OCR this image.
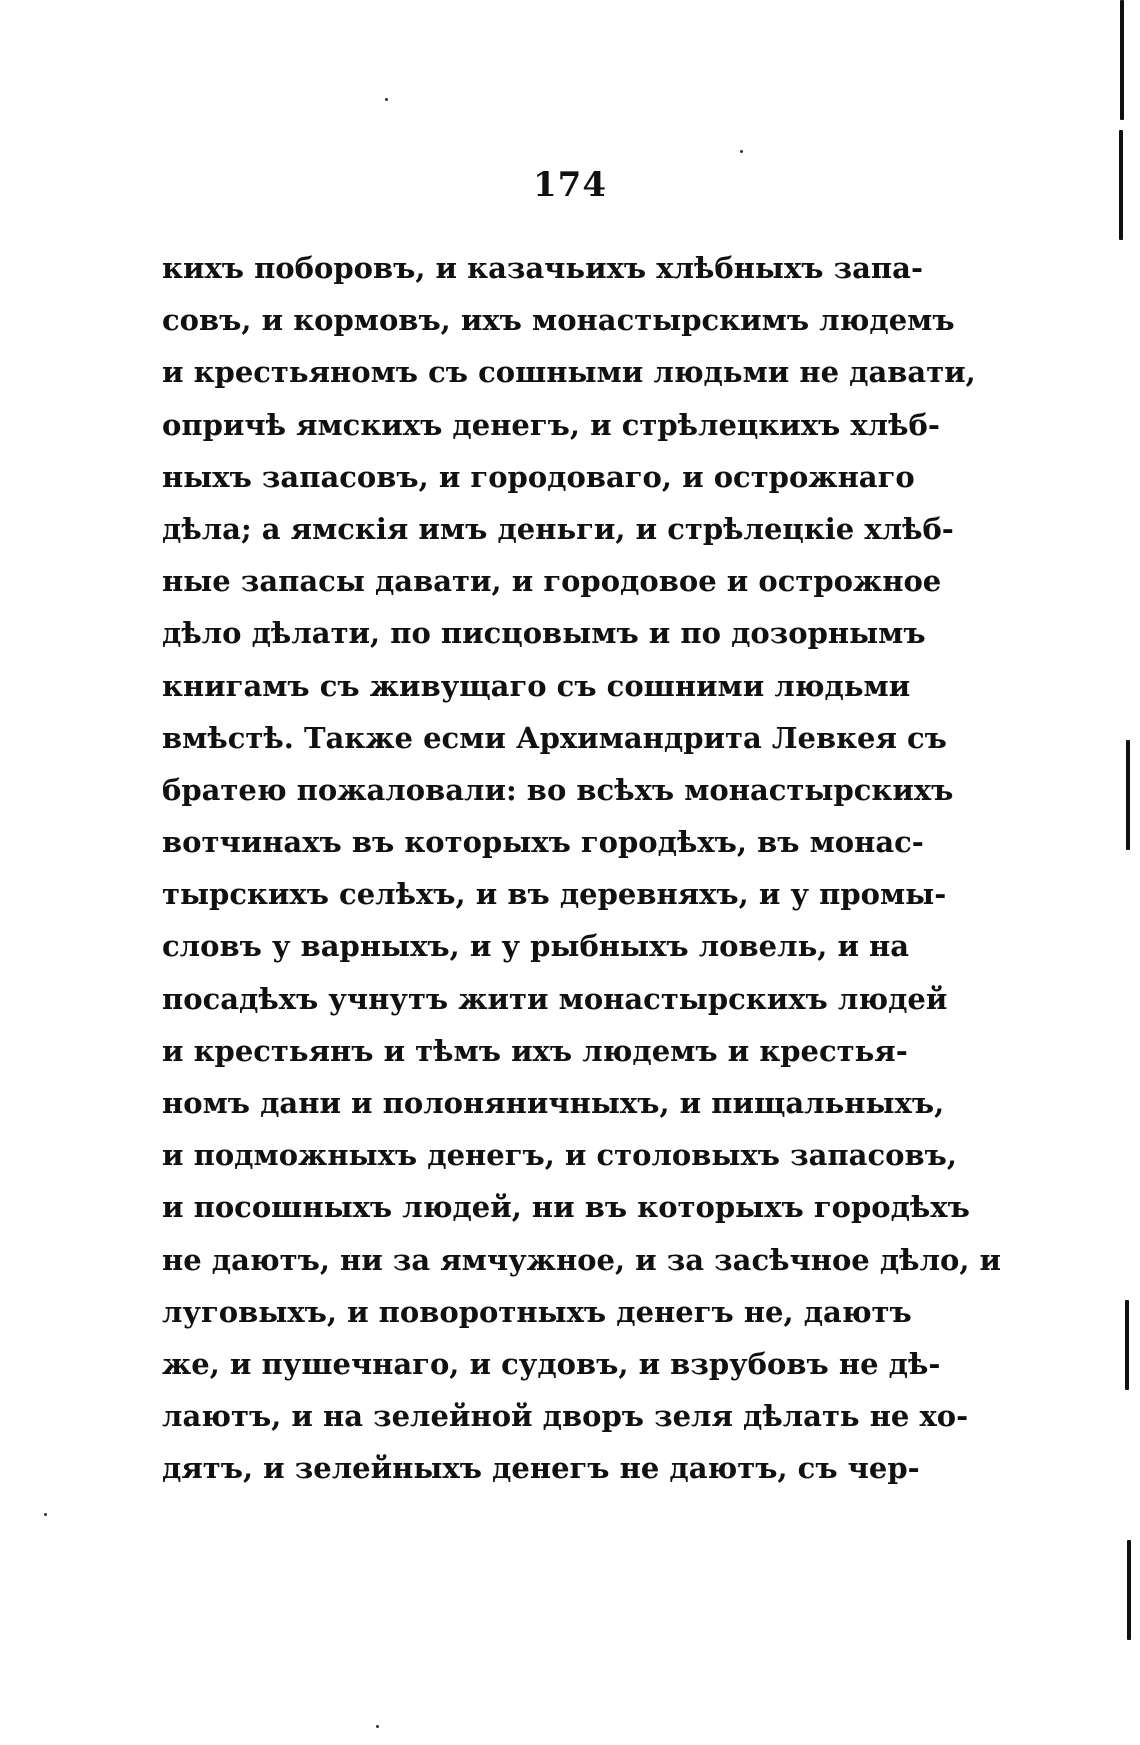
174
кихъ поборовъ, и казачьихъ хлѣбныхъ запа-
совъ, и кормовъ, ихъ монастырскимъ людемъ
и крестьяномъ съ сошными людьми не давати,
опричѣ ямскихъ денегъ, и стрѣлецкихъ хлѣб-
ныхъ запасовъ, и городоваго, и острожнаго
дѣла; а ямскія имъ деньги, и стрѣлецкіе хлѣб-
ные запасы давати, и городовое и острожное
дѣло дѣлати, по писцовымъ и по дозорнымъ
книгамъ съ живущаго съ сошними людьми
вмѣстѣ. Также есми Архимандрита Левкея съ
братею пожаловали: во всѣхъ монастырскихъ
вотчинахъ въ которыхъ городѣхъ, въ монас-
тырскихъ селѣхъ, и въ деревняхъ, и у промы-
словъ у варныхъ, и у рыбныхъ ловель, и на
посадѣхъ учнутъ жити монастырскихъ людей
и крестьянъ и тѣмъ ихъ людемъ и крестья-
номъ дани и полоняничныхъ, и пищальныхъ,
и подможныхъ денегъ, и столовыхъ запасовъ,
и посошныхъ людей, ни въ которыхъ городѣхъ
не даютъ, ни за ямчужное, и за засѣчное дѣло, и
луговыхъ, и поворотныхъ денегъ не, даютъ
же, и пушечнаго, и судовъ, и взрубовъ не дѣ-
лаютъ, и на зелейной дворъ зеля дѣлать не хо-
дятъ, и зелейныхъ денегъ не даютъ, съ чер-
